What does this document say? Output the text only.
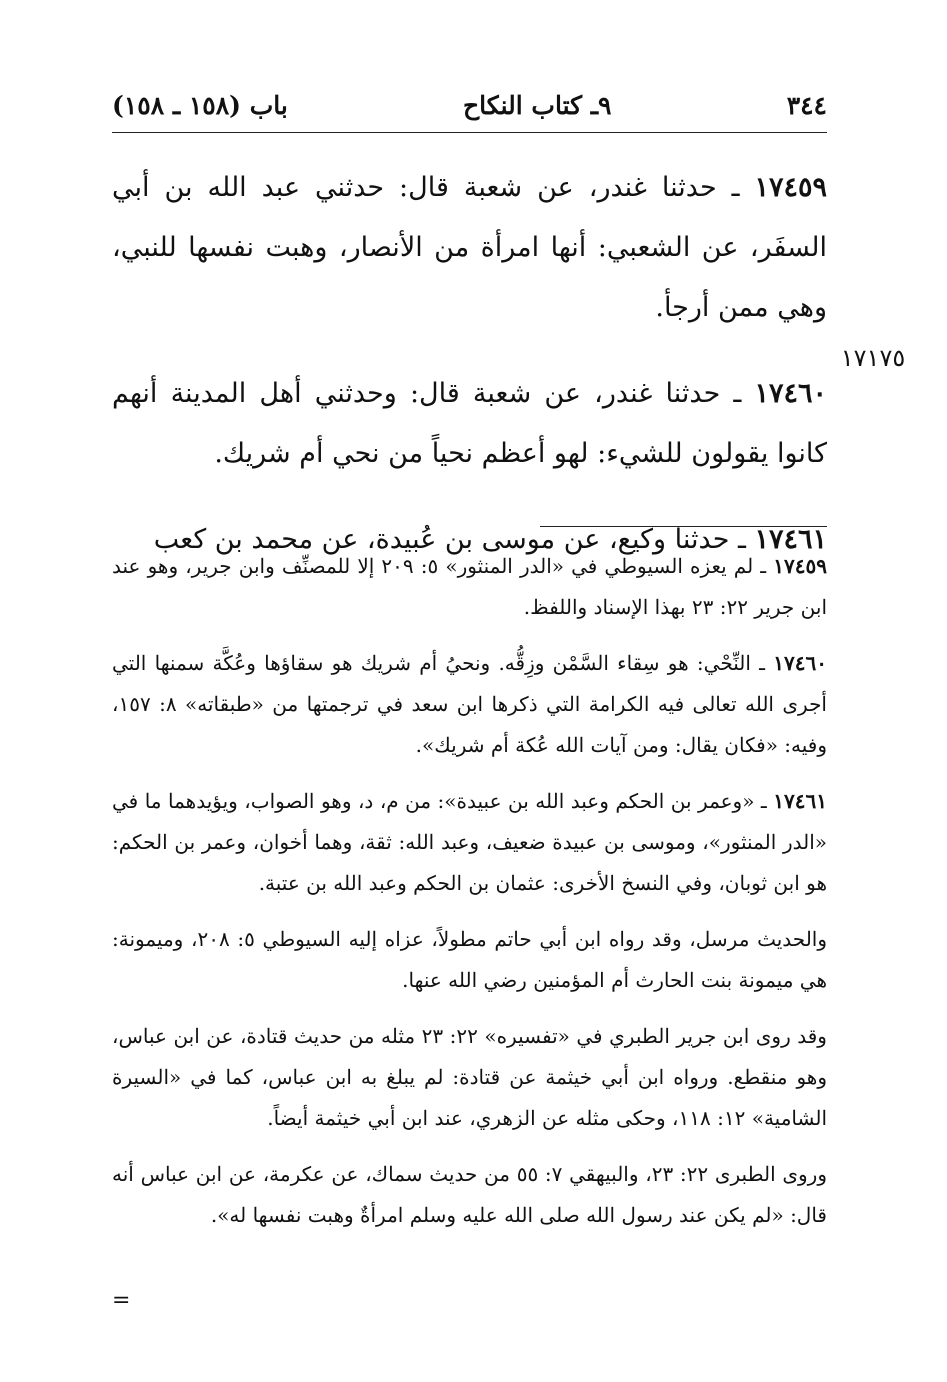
٣٤٤
٩ـ كتاب النكاح
باب (١٥٨ ـ ١٥٨)
١٧١٧٥

١٧٤٥٩ ـ حدثنا غندر، عن شعبة قال: حدثني عبد الله بن أبي السفَر، عن الشعبي: أنها امرأة من الأنصار، وهبت نفسها للنبي، وهي ممن أرجأ.

١٧٤٦٠ ـ حدثنا غندر، عن شعبة قال: وحدثني أهل المدينة أنهم كانوا يقولون للشيء: لهو أعظم نحياً من نحي أم شريك.

١٧٤٦١ ـ حدثنا وكيع، عن موسى بن عُبيدة، عن محمد بن كعب

١٧٤٥٩ ـ لم يعزه السيوطي في «الدر المنثور» ٥: ٢٠٩ إلا للمصنِّف وابن جرير، وهو عند ابن جرير ٢٢: ٢٣ بهذا الإسناد واللفظ.

١٧٤٦٠ ـ النِّحْي: هو سِقاء السَّمْن وزِقُّه. ونحيُ أم شريك هو سقاؤها وعُكَّة سمنها التي أجرى الله تعالى فيه الكرامة التي ذكرها ابن سعد في ترجمتها من «طبقاته» ٨: ١٥٧، وفيه: «فكان يقال: ومن آيات الله عُكة أم شريك».

١٧٤٦١ ـ «وعمر بن الحكم وعبد الله بن عبيدة»: من م، د، وهو الصواب، ويؤيدهما ما في «الدر المنثور»، وموسى بن عبيدة ضعيف، وعبد الله: ثقة، وهما أخوان، وعمر بن الحكم: هو ابن ثوبان، وفي النسخ الأخرى: عثمان بن الحكم وعبد الله بن عتبة.

والحديث مرسل، وقد رواه ابن أبي حاتم مطولاً، عزاه إليه السيوطي ٥: ٢٠٨، وميمونة: هي ميمونة بنت الحارث أم المؤمنين رضي الله عنها.

وقد روى ابن جرير الطبري في «تفسيره» ٢٢: ٢٣ مثله من حديث قتادة، عن ابن عباس، وهو منقطع. ورواه ابن أبي خيثمة عن قتادة: لم يبلغ به ابن عباس، كما في «السيرة الشامية» ١٢: ١١٨، وحكى مثله عن الزهري، عند ابن أبي خيثمة أيضاً.

وروى الطبرى ٢٢: ٢٣، والبيهقي ٧: ٥٥ من حديث سماك، عن عكرمة، عن ابن عباس أنه قال: «لم يكن عند رسول الله صلى الله عليه وسلم امرأةٌ وهبت نفسها له».

=
